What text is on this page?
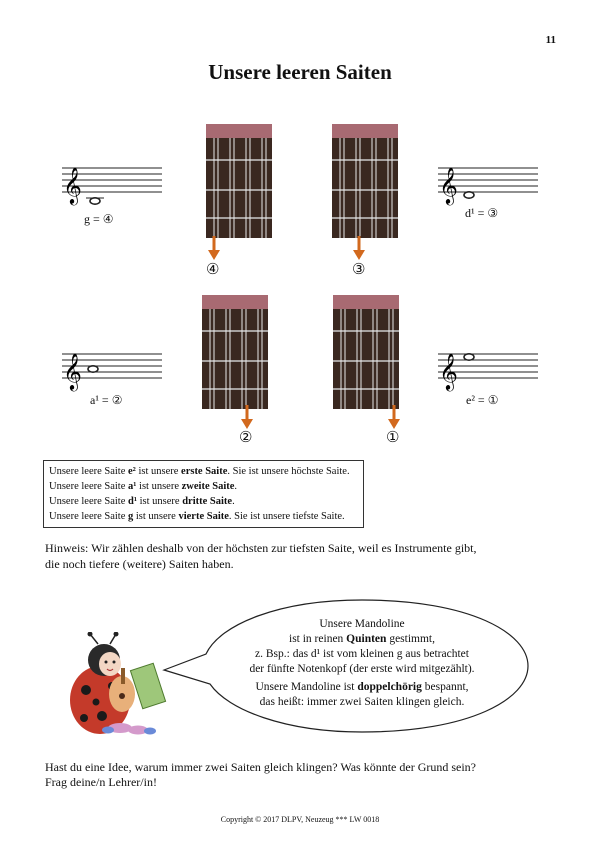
11
Unsere leeren Saiten
𝄞
g = ④
𝄞
d¹ = ③
𝄞
a¹ = ②
𝄞
e² = ①
④	③
②	①
Unsere leere Saite e² ist unsere erste Saite. Sie ist unsere höchste Saite.
Unsere leere Saite a¹ ist unsere zweite Saite.
Unsere leere Saite d¹ ist unsere dritte Saite.
Unsere leere Saite g ist unsere vierte Saite. Sie ist unsere tiefste Saite.
Hinweis: Wir zählen deshalb von der höchsten zur tiefsten Saite, weil es Instrumente gibt,
die noch tiefere (weitere) Saiten haben.

Unsere Mandoline

ist in reinen Quinten gestimmt,

z. Bsp.: das d¹ ist vom kleinen g aus betrachtet

der fünfte Notenkopf (der erste wird mitgezählt).

Unsere Mandoline ist doppelchörig bespannt,

das heißt: immer zwei Saiten klingen gleich.

Hast du eine Idee, warum immer zwei Saiten gleich klingen? Was könnte der Grund sein?
Frag deine/n Lehrer/in!
Copyright © 2017 DLPV, Neuzeug *** LW 0018
